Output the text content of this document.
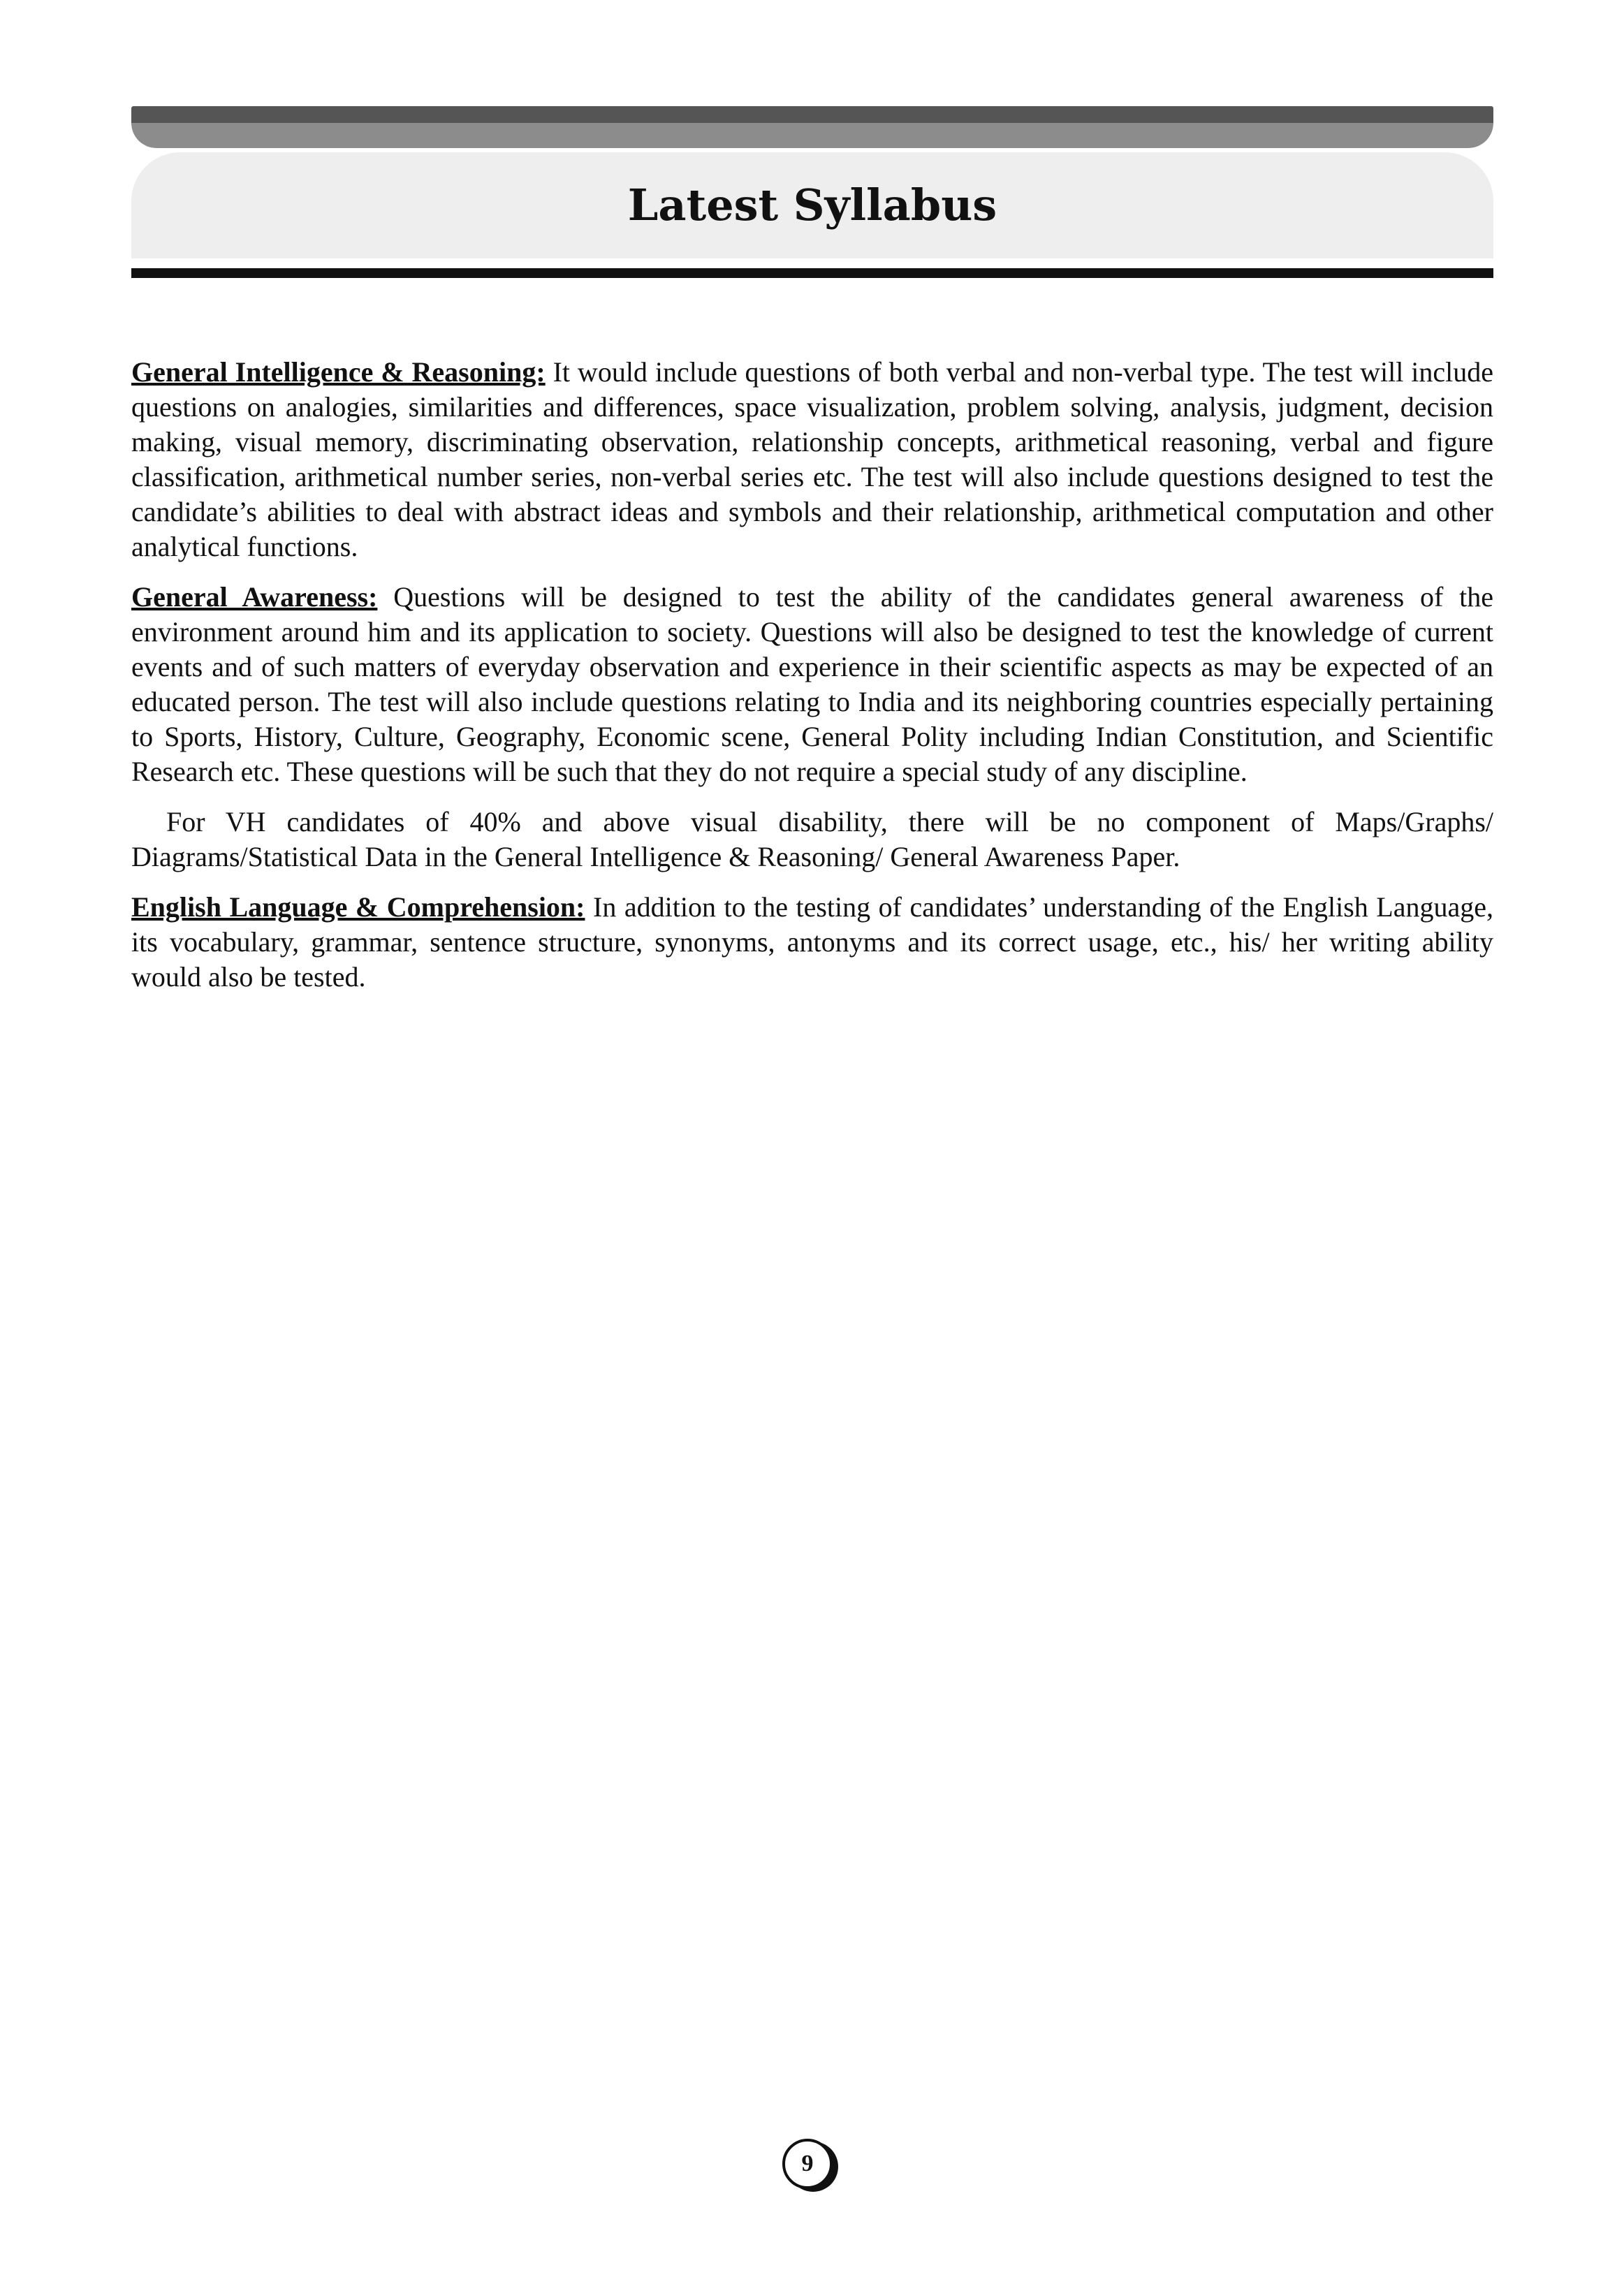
Latest Syllabus

General Intelligence & Reasoning: It would include questions of both verbal and non-verbal type. The test will include questions on analogies, similarities and differences, space visualization, problem solving, analysis, judgment, decision making, visual memory, discriminating observation, relationship concepts, arithmetical reasoning, verbal and figure classification, arithmetical number series, non-verbal series etc. The test will also include questions designed to test the candidate’s abilities to deal with abstract ideas and symbols and their relationship, arithmetical computation and other analytical functions.

General Awareness: Questions will be designed to test the ability of the candidates general awareness of the environment around him and its application to society. Questions will also be designed to test the knowledge of current events and of such matters of everyday observation and experience in their scientific aspects as may be expected of an educated person. The test will also include questions relating to India and its neighboring countries especially pertaining to Sports, History, Culture, Geography, Economic scene, General Polity including Indian Constitution, and Scientific Research etc. These questions will be such that they do not require a special study of any discipline.

For VH candidates of 40% and above visual disability, there will be no component of Maps/Graphs/ Diagrams/Statistical Data in the General Intelligence & Reasoning/ General Awareness Paper.

English Language & Comprehension: In addition to the testing of candidates’ understanding of the English Language, its vocabulary, grammar, sentence structure, synonyms, antonyms and its correct usage, etc., his/ her writing ability would also be tested.

9
